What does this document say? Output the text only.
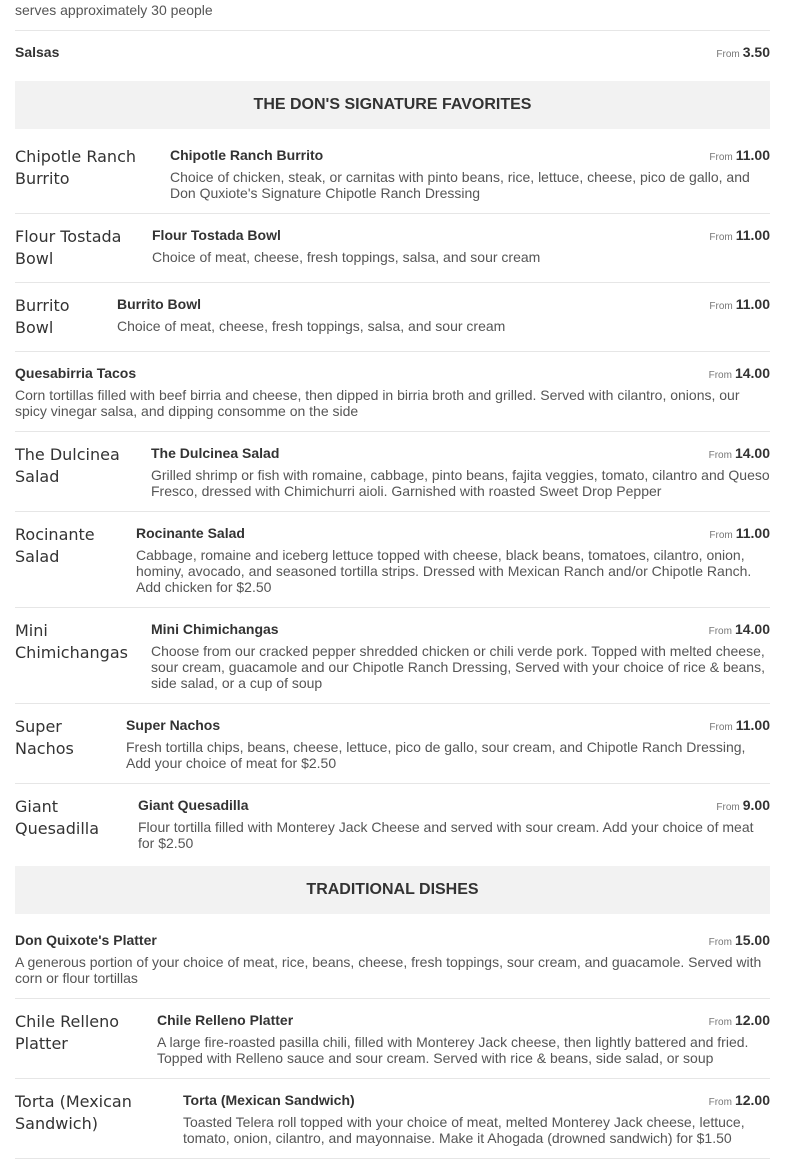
serves approximately 30 people
Salsas	From 3.50
THE DON'S SIGNATURE FAVORITES
Chipotle Ranch Burrito
Chipotle Ranch Burrito	From 11.00
Choice of chicken, steak, or carnitas with pinto beans, rice, lettuce, cheese, pico de gallo, and Don Quxiote's Signature Chipotle Ranch Dressing
Flour Tostada Bowl
Flour Tostada Bowl	From 11.00
Choice of meat, cheese, fresh toppings, salsa, and sour cream
Burrito Bowl
Burrito Bowl	From 11.00
Choice of meat, cheese, fresh toppings, salsa, and sour cream
Quesabirria Tacos	From 14.00
Corn tortillas filled with beef birria and cheese, then dipped in birria broth and grilled. Served with cilantro, onions, our spicy vinegar salsa, and dipping consomme on the side
The Dulcinea Salad
The Dulcinea Salad	From 14.00
Grilled shrimp or fish with romaine, cabbage, pinto beans, fajita veggies, tomato, cilantro and Queso Fresco, dressed with Chimichurri aioli. Garnished with roasted Sweet Drop Pepper
Rocinante Salad
Rocinante Salad	From 11.00
Cabbage, romaine and iceberg lettuce topped with cheese, black beans, tomatoes, cilantro, onion, hominy, avocado, and seasoned tortilla strips. Dressed with Mexican Ranch and/or Chipotle Ranch. Add chicken for $2.50
Mini Chimichangas
Mini Chimichangas	From 14.00
Choose from our cracked pepper shredded chicken or chili verde pork. Topped with melted cheese, sour cream, guacamole and our Chipotle Ranch Dressing, Served with your choice of rice & beans, side salad, or a cup of soup
Super Nachos
Super Nachos	From 11.00
Fresh tortilla chips, beans, cheese, lettuce, pico de gallo, sour cream, and Chipotle Ranch Dressing, Add your choice of meat for $2.50
Giant Quesadilla
Giant Quesadilla	From 9.00
Flour tortilla filled with Monterey Jack Cheese and served with sour cream. Add your choice of meat for $2.50
TRADITIONAL DISHES
Don Quixote's Platter	From 15.00
A generous portion of your choice of meat, rice, beans, cheese, fresh toppings, sour cream, and guacamole. Served with corn or flour tortillas
Chile Relleno Platter
Chile Relleno Platter	From 12.00
A large fire-roasted pasilla chili, filled with Monterey Jack cheese, then lightly battered and fried. Topped with Relleno sauce and sour cream. Served with rice & beans, side salad, or soup
Torta (Mexican Sandwich)
Torta (Mexican Sandwich)	From 12.00
Toasted Telera roll topped with your choice of meat, melted Monterey Jack cheese, lettuce, tomato, onion, cilantro, and mayonnaise. Make it Ahogada (drowned sandwich) for $1.50
